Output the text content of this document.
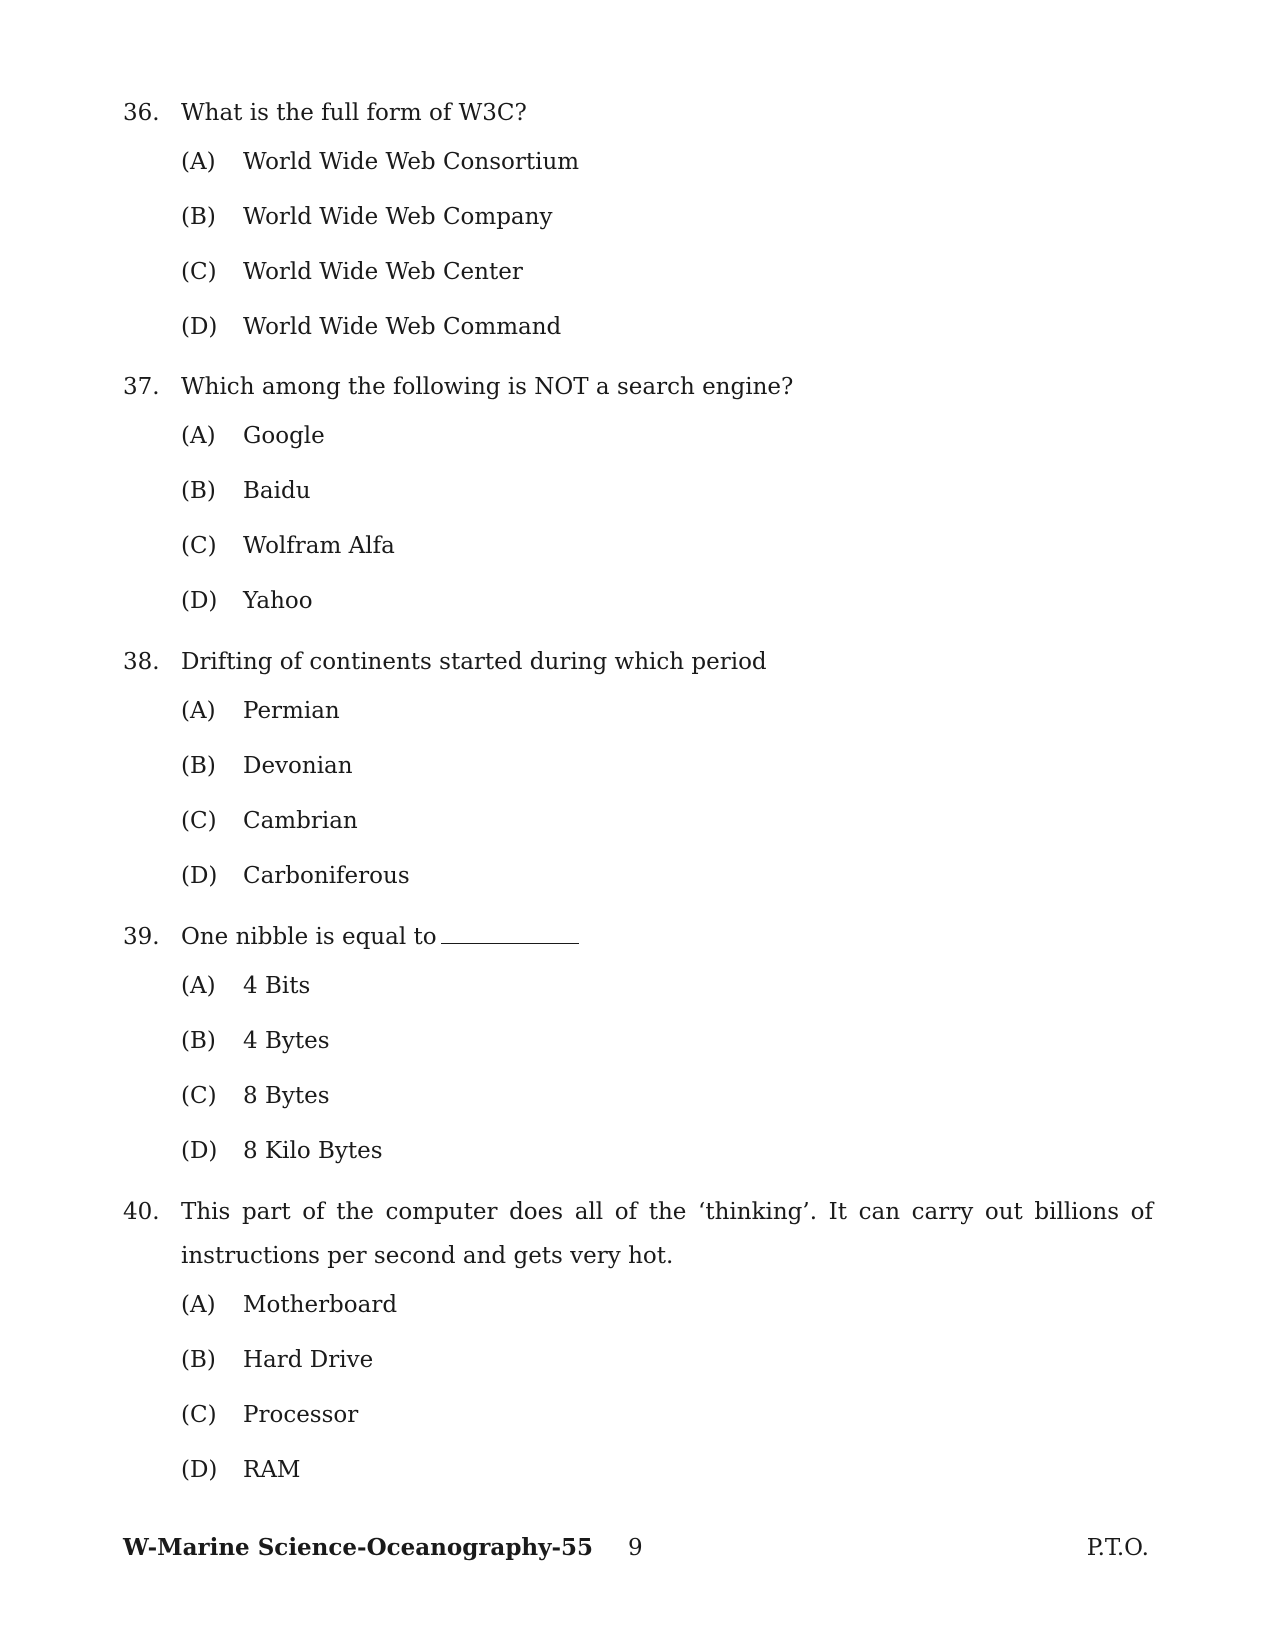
36. What is the full form of W3C?
(A)	World Wide Web Consortium
(B)	World Wide Web Company
(C)	World Wide Web Center
(D)	World Wide Web Command
37. Which among the following is NOT a search engine?
(A)	Google
(B)	Baidu
(C)	Wolfram Alfa
(D)	Yahoo
38. Drifting of continents started during which period
(A)	Permian
(B)	Devonian
(C)	Cambrian
(D)	Carboniferous
39. One nibble is equal to
(A)	4 Bits
(B)	4 Bytes
(C)	8 Bytes
(D)	8 Kilo Bytes
40. This part of the computer does all of the ‘thinking’. It can carry out billions of instructions per second and gets very hot.
(A)	Motherboard
(B)	Hard Drive
(C)	Processor
(D)	RAM
W-Marine Science-Oceanography-55 9	P.T.O.
